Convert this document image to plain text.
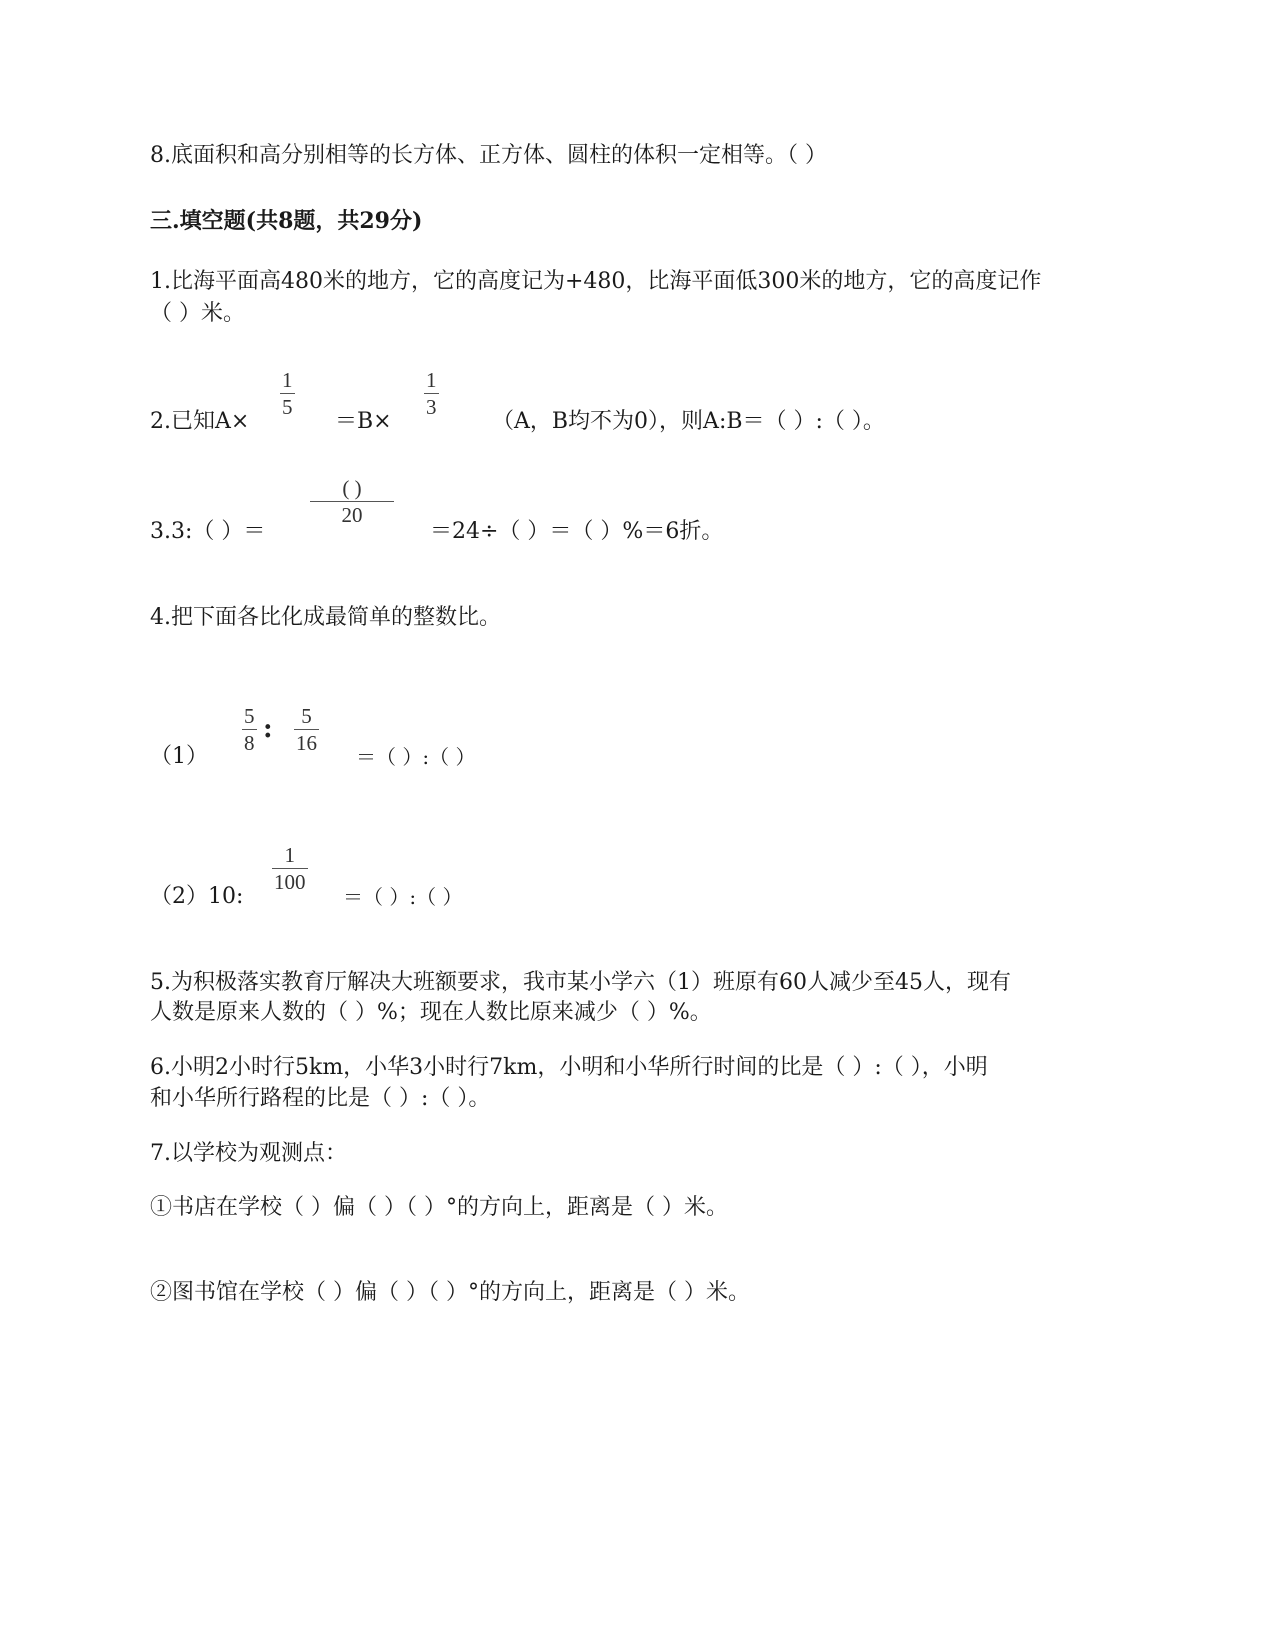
8.底面积和高分别相等的长方体、正方体、圆柱的体积一定相等。（ ）
三.填空题(共8题，共29分)
1.比海平面高480米的地方，它的高度记为+480，比海平面低300米的地方，它的高度记作
（ ）米。
2.已知A×
1
5
＝B×
1
3
（A，B均不为0），则A:B＝（ ）:（ ）。
3.3:（ ）＝
( )
20
＝24÷（ ）＝（ ）%＝6折。
4.把下面各比化成最简单的整数比。
（1）
5
8 : 5
16
＝（ ）:（ ）
（2）10:
1
100
＝（ ）:（ ）
5.为积极落实教育厅解决大班额要求，我市某小学六（1）班原有60人减少至45人，现有
人数是原来人数的（ ）%；现在人数比原来减少（ ）%。
6.小明2小时行5km，小华3小时行7km，小明和小华所行时间的比是（ ）:（ ），小明
和小华所行路程的比是（ ）:（ ）。
7.以学校为观测点：
①书店在学校（ ）偏（ ）（ ）°的方向上，距离是（ ）米。
②图书馆在学校（ ）偏（ ）（ ）°的方向上，距离是（ ）米。
